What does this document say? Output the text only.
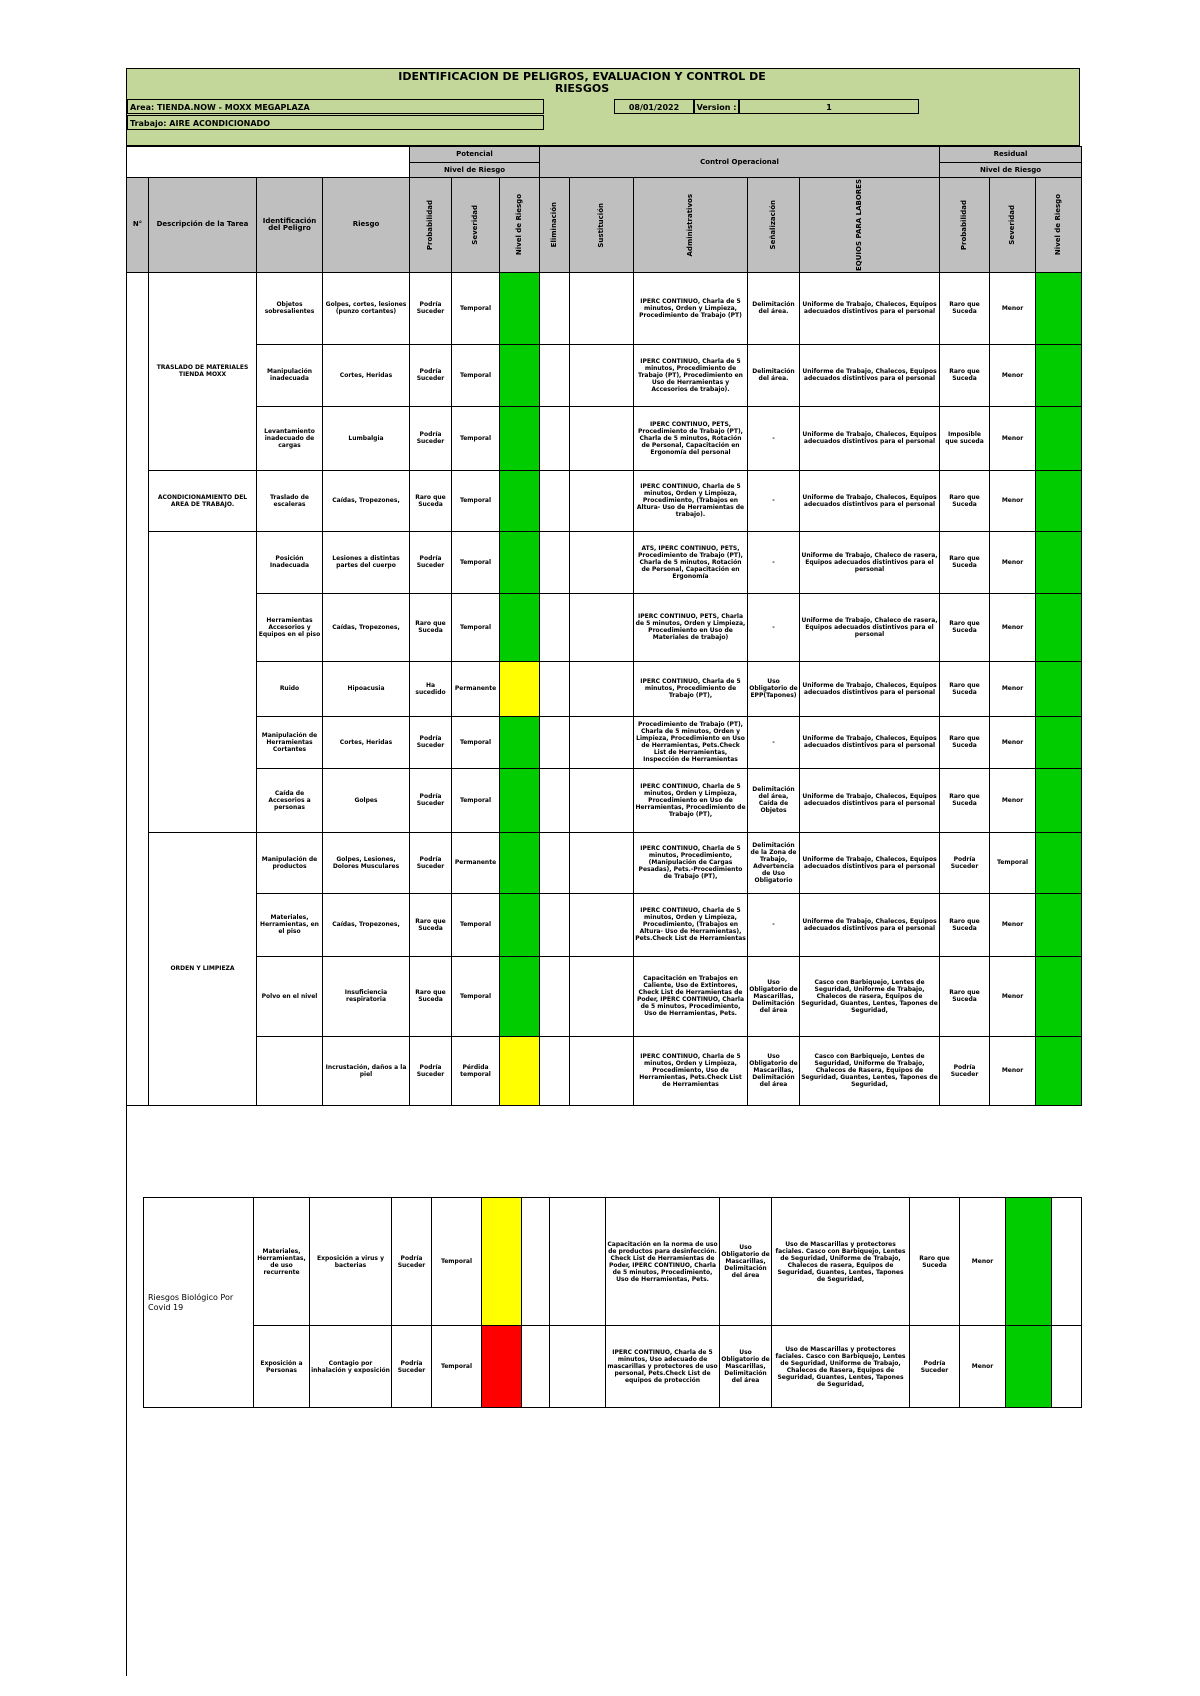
IDENTIFICACION DE PELIGROS, EVALUACION Y CONTROL DE RIESGOS
Area: TIENDA.NOW - MOXX MEGAPLAZA
Trabajo: AIRE ACONDICIONADO
08/01/2022	Version :	1
				Potencial			Control Operacional					Residual		
				Nivel de Riesgo								Nivel de Riesgo		
N°	Descripción de la Tarea	Identificación del Peligro	Riesgo	Probabilidad	Severidad	Nivel de Riesgo	Eliminación	Sustitución	Administrativos	Señalización	EQUIOS PARA LABORES	Probabilidad	Severidad	Nivel de Riesgo

	TRASLADO DE MATERIALES TIENDA MOXX	Objetos sobresalientes	Golpes, cortes, lesiones (punzo cortantes)	Podría Suceder	Temporal				IPERC CONTINUO, Charla de 5 minutos, Orden y Limpieza, Procedimiento de Trabajo (PT)	Delimitación del área.	Uniforme de Trabajo, Chalecos, Equipos adecuados distintivos para el personal	Raro que Suceda	Menor	
		Manipulación inadecuada	Cortes, Heridas	Podría Suceder	Temporal				IPERC CONTINUO, Charla de 5 minutos, Procedimiento de Trabajo (PT), Procedimiento en Uso de Herramientas y Accesorios de trabajo).	Delimitación del área.	Uniforme de Trabajo, Chalecos, Equipos adecuados distintivos para el personal	Raro que Suceda	Menor	
		Levantamiento inadecuado de cargas	Lumbalgia	Podría Suceder	Temporal				IPERC CONTINUO, PETS, Procedimiento de Trabajo (PT), Charla de 5 minutos, Rotación de Personal, Capacitación en Ergonomía del personal	-	Uniforme de Trabajo, Chalecos, Equipos adecuados distintivos para el personal	Imposible que suceda	Menor	
	ACONDICIONAMIENTO DEL AREA DE TRABAJO.	Traslado de escaleras	Caídas, Tropezones,	Raro que Suceda	Temporal				IPERC CONTINUO, Charla de 5 minutos, Orden y Limpieza, Procedimiento, (Trabajos en Altura- Uso de Herramientas de trabajo).	-	Uniforme de Trabajo, Chalecos, Equipos adecuados distintivos para el personal	Raro que Suceda	Menor	
		Posición Inadecuada	Lesiones a distintas partes del cuerpo	Podría Suceder	Temporal				ATS, IPERC CONTINUO, PETS, Procedimiento de Trabajo (PT), Charla de 5 minutos, Rotación de Personal, Capacitación en Ergonomía	-	Uniforme de Trabajo, Chaleco de rasera, Equipos adecuados distintivos para el personal	Raro que Suceda	Menor	
		Herramientas Accesorios y Equipos en el piso	Caídas, Tropezones,	Raro que Suceda	Temporal				IPERC CONTINUO, PETS, Charla de 5 minutos, Orden y Limpieza, Procedimiento en Uso de Materiales de trabajo)	-	Uniforme de Trabajo, Chaleco de rasera, Equipos adecuados distintivos para el personal	Raro que Suceda	Menor	
		Ruido	Hipoacusia	Ha sucedido	Permanente				IPERC CONTINUO, Charla de 5 minutos, Procedimiento de Trabajo (PT),	Uso Obligatorio de EPP(Tapones)	Uniforme de Trabajo, Chalecos, Equipos adecuados distintivos para el personal	Raro que Suceda	Menor	
		Manipulación de Herramientas Cortantes	Cortes, Heridas	Podría Suceder	Temporal				Procedimiento de Trabajo (PT), Charla de 5 minutos, Orden y Limpieza, Procedimiento en Uso de Herramientas, Pets.Check List de Herramientas, Inspección de Herramientas	-	Uniforme de Trabajo, Chalecos, Equipos adecuados distintivos para el personal	Raro que Suceda	Menor	
		Caída de Accesorios a personas	Golpes	Podría Suceder	Temporal				IPERC CONTINUO, Charla de 5 minutos, Orden y Limpieza, Procedimiento en Uso de Herramientas, Procedimiento de Trabajo (PT),	Delimitación del área, Caída de Objetos	Uniforme de Trabajo, Chalecos, Equipos adecuados distintivos para el personal	Raro que Suceda	Menor	
	ORDEN Y LIMPIEZA	Manipulación de productos	Golpes, Lesiones, Dolores Musculares	Podría Suceder	Permanente				IPERC CONTINUO, Charla de 5 minutos, Procedimiento, (Manipulación de Cargas Pesadas), Pets.-Procedimiento de Trabajo (PT),	Delimitación de la Zona de Trabajo, Advertencia de Uso Obligatorio	Uniforme de Trabajo, Chalecos, Equipos adecuados distintivos para el personal	Podría Suceder	Temporal	
		Materiales, Herramientas, en el piso	Caídas, Tropezones,	Raro que Suceda	Temporal				IPERC CONTINUO, Charla de 5 minutos, Orden y Limpieza, Procedimiento, (Trabajos en Altura- Uso de Herramientas), Pets.Check List de Herramientas	-	Uniforme de Trabajo, Chalecos, Equipos adecuados distintivos para el personal	Raro que Suceda	Menor	
		Polvo en el nivel	Insuficiencia respiratoria	Raro que Suceda	Temporal				Capacitación en Trabajos en Caliente, Uso de Extintores, Check List de Herramientas de Poder, IPERC CONTINUO, Charla de 5 minutos, Procedimiento, Uso de Herramientas, Pets.	Uso Obligatorio de Mascarillas, Delimitación del área	Casco con Barbiquejo, Lentes de Seguridad, Uniforme de Trabajo, Chalecos de rasera, Equipos de Seguridad, Guantes, Lentes, Tapones de Seguridad,	Raro que Suceda	Menor	
			Incrustación, daños a la piel	Podría Suceder	Pérdida temporal				IPERC CONTINUO, Charla de 5 minutos, Orden y Limpieza, Procedimiento, Uso de Herramientas, Pets.Check List de Herramientas	Uso Obligatorio de Mascarillas, Delimitación del área	Casco con Barbiquejo, Lentes de Seguridad, Uniforme de Trabajo, Chalecos de Rasera, Equipos de Seguridad, Guantes, Lentes, Tapones de Seguridad,	Podría Suceder	Menor	
Riesgos Biológico Por Covid 19	Materiales, Herramientas, de uso recurrente	Exposición a virus y bacterias	Podría Suceder	Temporal				Capacitación en la norma de uso de productos para desinfección. Check List de Herramientas de Poder, IPERC CONTINUO, Charla de 5 minutos, Procedimiento, Uso de Herramientas, Pets.	Uso Obligatorio de Mascarillas, Delimitación del área	Uso de Mascarillas y protectores faciales. Casco con Barbiquejo, Lentes de Seguridad, Uniforme de Trabajo, Chalecos de rasera, Equipos de Seguridad, Guantes, Lentes, Tapones de Seguridad,	Raro que Suceda	Menor		
	Exposición a Personas	Contagio por inhalación y exposición	Podría Suceder	Temporal				IPERC CONTINUO, Charla de 5 minutos, Uso adecuado de mascarillas y protectores de uso personal, Pets.Check List de equipos de protección	Uso Obligatorio de Mascarillas, Delimitación del área	Uso de Mascarillas y protectores faciales. Casco con Barbiquejo, Lentes de Seguridad, Uniforme de Trabajo, Chalecos de Rasera, Equipos de Seguridad, Guantes, Lentes, Tapones de Seguridad,	Podría Suceder	Menor		
